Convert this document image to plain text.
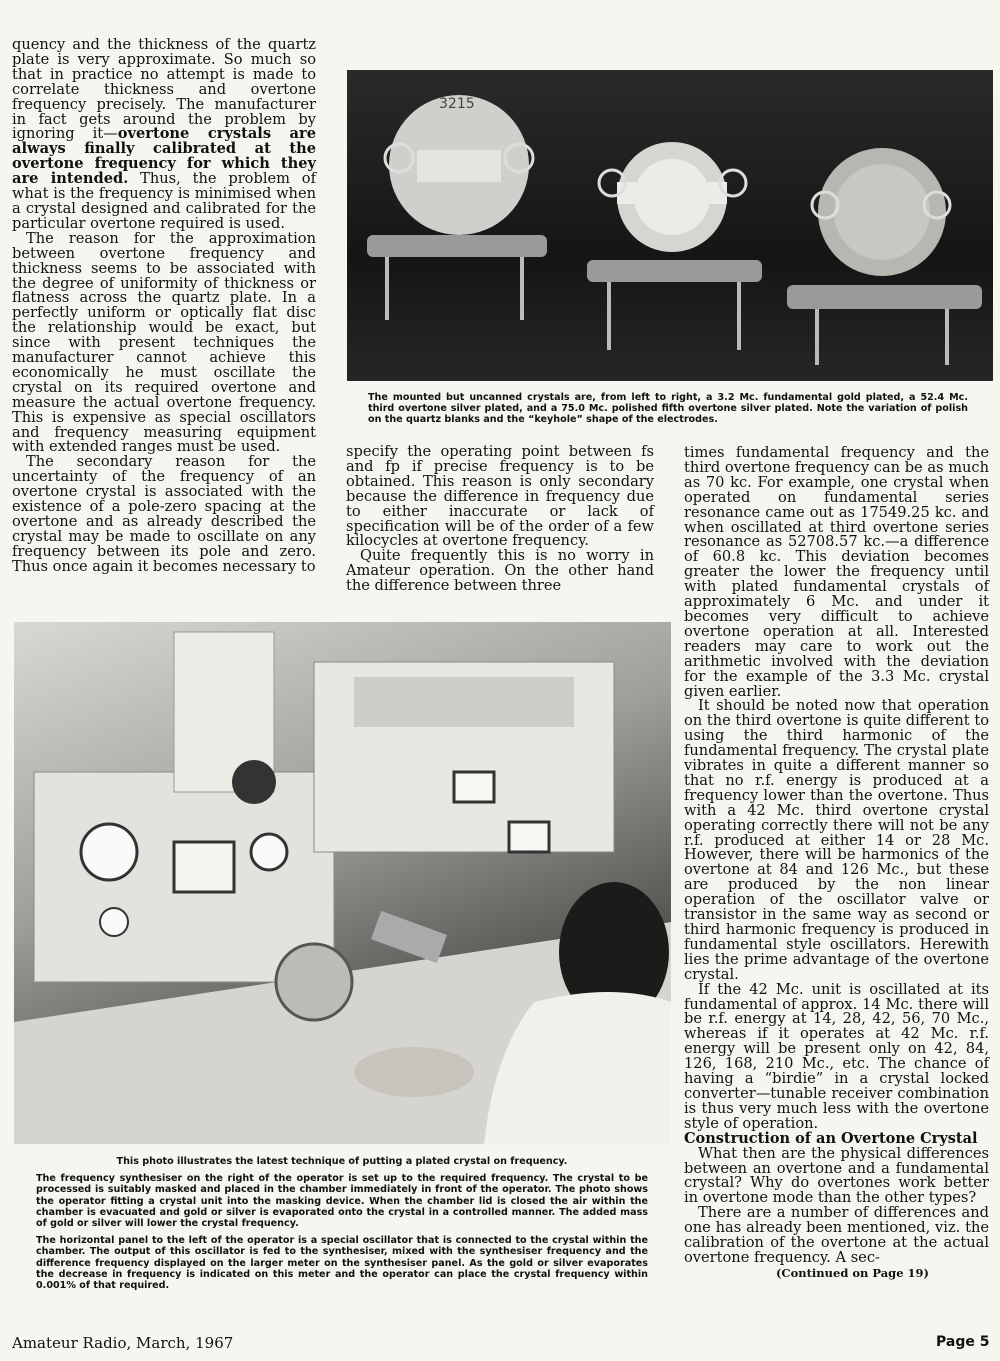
quency and the thickness of the quartz plate is very approximate. So much so that in practice no attempt is made to correlate thickness and overtone frequency precisely. The manufacturer in fact gets around the problem by ignoring it—overtone crystals are always finally calibrated at the overtone frequency for which they are intended. Thus, the problem of what is the frequency is minimised when a crystal designed and calibrated for the particular overtone required is used.

The reason for the approximation between overtone frequency and thickness seems to be associated with the degree of uniformity of thickness or flatness across the quartz plate. In a perfectly uniform or optically flat disc the relationship would be exact, but since with present techniques the manufacturer cannot achieve this economically he must oscillate the crystal on its required overtone and measure the actual overtone frequency. This is expensive as special oscillators and frequency measuring equipment with extended ranges must be used.

The secondary reason for the uncertainty of the frequency of an overtone crystal is associated with the existence of a pole-zero spacing at the overtone and as already described the crystal may be made to oscillate on any frequency between its pole and zero. Thus once again it becomes necessary to

3215
The mounted but uncanned crystals are, from left to right, a 3.2 Mc. fundamental gold plated, a 52.4 Mc. third overtone silver plated, and a 75.0 Mc. polished fifth overtone silver plated. Note the variation of polish on the quartz blanks and the “keyhole” shape of the electrodes.

specify the operating point between fs and fp if precise frequency is to be obtained. This reason is only secondary because the difference in frequency due to either inaccurate or lack of specification will be of the order of a few kilocycles at overtone frequency.

Quite frequently this is no worry in Amateur operation. On the other hand the difference between three

times fundamental frequency and the third overtone frequency can be as much as 70 kc. For example, one crystal when operated on fundamental series resonance came out as 17549.25 kc. and when oscillated at third overtone series resonance as 52708.57 kc.—a difference of 60.8 kc. This deviation becomes greater the lower the frequency until with plated fundamental crystals of approximately 6 Mc. and under it becomes very difficult to achieve overtone operation at all. Interested readers may care to work out the arithmetic involved with the deviation for the example of the 3.3 Mc. crystal given earlier.

It should be noted now that operation on the third overtone is quite different to using the third harmonic of the fundamental frequency. The crystal plate vibrates in quite a different manner so that no r.f. energy is produced at a frequency lower than the overtone. Thus with a 42 Mc. third overtone crystal operating correctly there will not be any r.f. produced at either 14 or 28 Mc. However, there will be harmonics of the overtone at 84 and 126 Mc., but these are produced by the non linear operation of the oscillator valve or transistor in the same way as second or third harmonic frequency is produced in fundamental style oscillators. Herewith lies the prime advantage of the overtone crystal.

If the 42 Mc. unit is oscillated at its fundamental of approx. 14 Mc. there will be r.f. energy at 14, 28, 42, 56, 70 Mc., whereas if it operates at 42 Mc. r.f. energy will be present only on 42, 84, 126, 168, 210 Mc., etc. The chance of having a “birdie” in a crystal locked converter—tunable receiver combination is thus very much less with the overtone style of operation.

Construction of an Overtone Crystal

What then are the physical differences between an overtone and a fundamental crystal? Why do overtones work better in overtone mode than the other types?

There are a number of differences and one has already been mentioned, viz. the calibration of the overtone at the actual overtone frequency. A sec-

(Continued on Page 19)

This photo illustrates the latest technique of putting a plated crystal on frequency.

The frequency synthesiser on the right of the operator is set up to the required frequency. The crystal to be processed is suitably masked and placed in the chamber immediately in front of the operator. The photo shows the operator fitting a crystal unit into the masking device. When the chamber lid is closed the air within the chamber is evacuated and gold or silver is evaporated onto the crystal in a controlled manner. The added mass of gold or silver will lower the crystal frequency.

The horizontal panel to the left of the operator is a special oscillator that is connected to the crystal within the chamber. The output of this oscillator is fed to the synthesiser, mixed with the synthesiser frequency and the difference frequency displayed on the larger meter on the synthesiser panel. As the gold or silver evaporates the decrease in frequency is indicated on this meter and the operator can place the crystal frequency within 0.001% of that required.

Amateur Radio, March, 1967	Page 5
